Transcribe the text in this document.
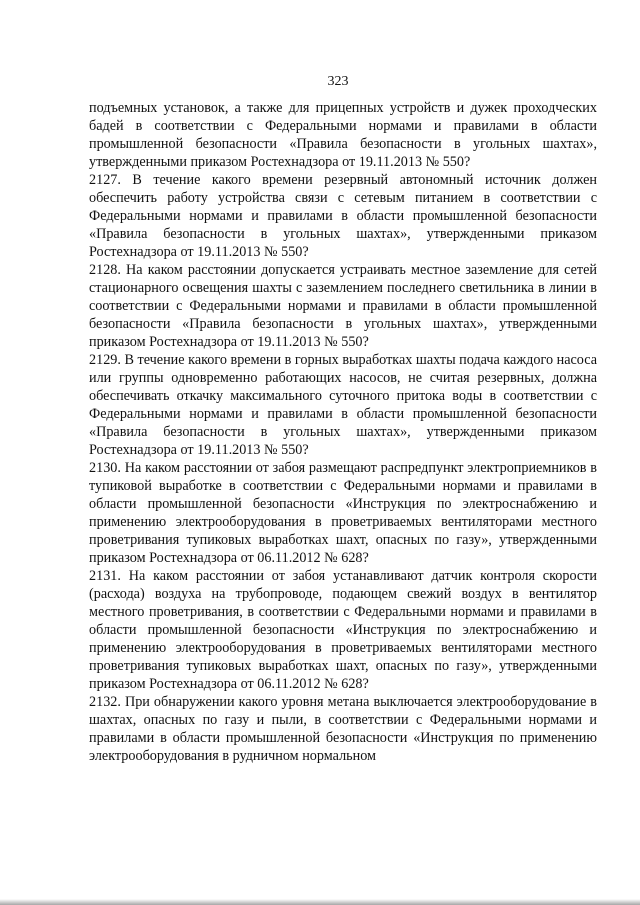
323

подъемных установок, а также для прицепных устройств и дужек проходческих бадей в соответствии с Федеральными нормами и правилами в области промышленной безопасности «Правила безопасности в угольных шахтах», утвержденными приказом Ростехнадзора от 19.11.2013 № 550?

2127. В течение какого времени резервный автономный источник должен обеспечить работу устройства связи с сетевым питанием в соответствии с Федеральными нормами и правилами в области промышленной безопасности «Правила безопасности в угольных шахтах», утвержденными приказом Ростехнадзора от 19.11.2013 № 550?

2128. На каком расстоянии допускается устраивать местное заземление для сетей стационарного освещения шахты с заземлением последнего светильника в линии в соответствии с Федеральными нормами и правилами в области промышленной безопасности «Правила безопасности в угольных шахтах», утвержденными приказом Ростехнадзора от 19.11.2013 № 550?

2129. В течение какого времени в горных выработках шахты подача каждого насоса или группы одновременно работающих насосов, не считая резервных, должна обеспечивать откачку максимального суточного притока воды в соответствии с Федеральными нормами и правилами в области промышленной безопасности «Правила безопасности в угольных шахтах», утвержденными приказом Ростехнадзора от 19.11.2013 № 550?

2130. На каком расстоянии от забоя размещают распредпункт электроприемников в тупиковой выработке в соответствии с Федеральными нормами и правилами в области промышленной безопасности «Инструкция по электроснабжению и применению электрооборудования в проветриваемых вентиляторами местного проветривания тупиковых выработках шахт, опасных по газу», утвержденными приказом Ростехнадзора от 06.11.2012 № 628?

2131. На каком расстоянии от забоя устанавливают датчик контроля скорости (расхода) воздуха на трубопроводе, подающем свежий воздух в вентилятор местного проветривания, в соответствии с Федеральными нормами и правилами в области промышленной безопасности «Инструкция по электроснабжению и применению электрооборудования в проветриваемых вентиляторами местного проветривания тупиковых выработках шахт, опасных по газу», утвержденными приказом Ростехнадзора от 06.11.2012 № 628?

2132. При обнаружении какого уровня метана выключается электрооборудование в шахтах, опасных по газу и пыли, в соответствии с Федеральными нормами и правилами в области промышленной безопасности «Инструкция по применению электрооборудования в рудничном нормальном
